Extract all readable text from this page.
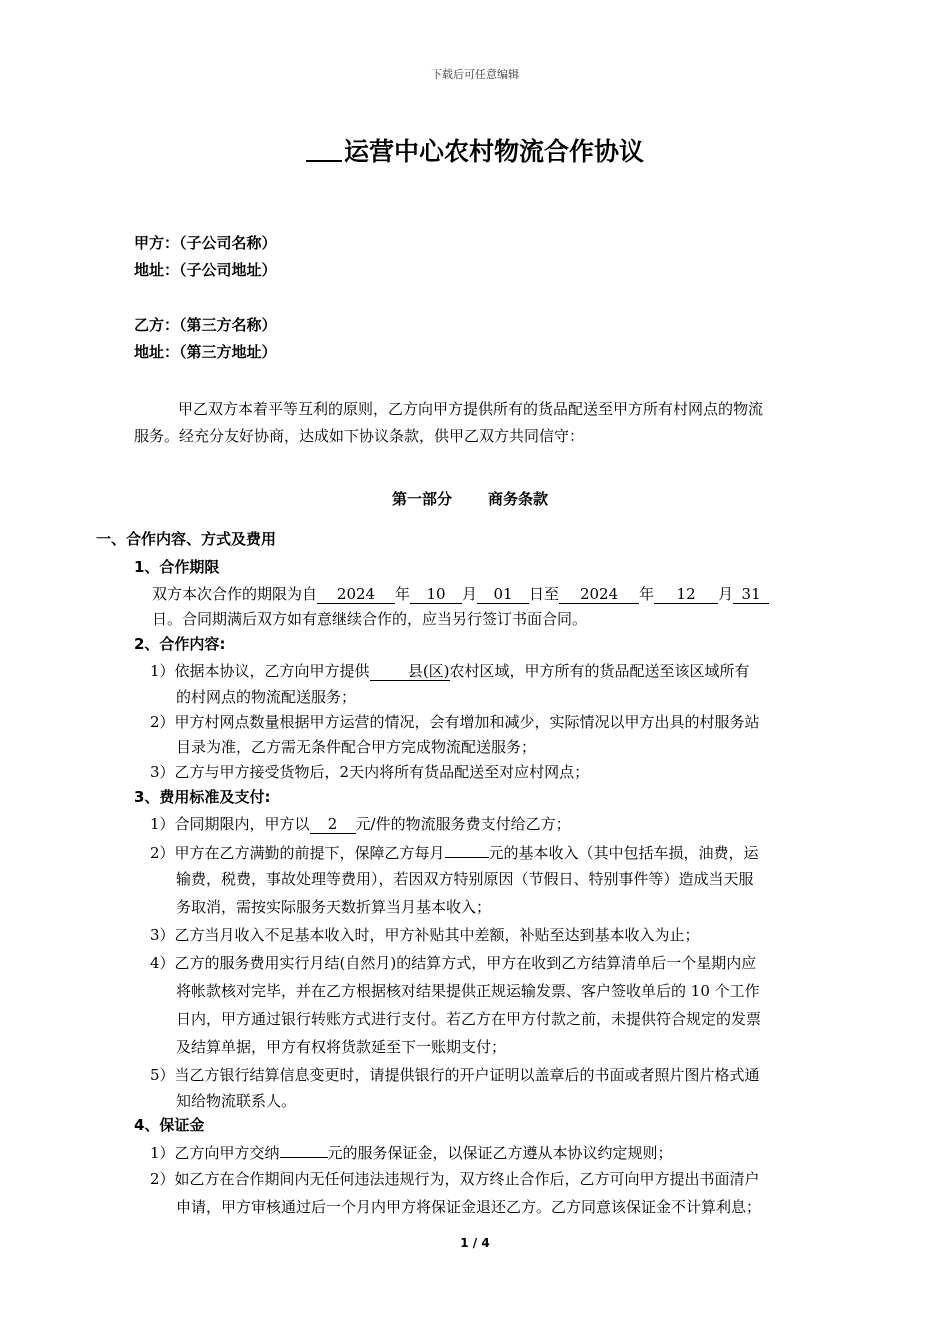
下载后可任意编辑
运营中心农村物流合作协议
甲方：（子公司名称）
地址：（子公司地址）
乙方：（第三方名称）
地址：（第三方地址）
甲乙双方本着平等互利的原则，乙方向甲方提供所有的货品配送至甲方所有村网点的物流
服务。经充分友好协商，达成如下协议条款，供甲乙双方共同信守：
第一部分 商务条款
一、合作内容、方式及费用
1、合作期限
双方本次合作的期限为自 2024 年 10 月 01 日至 2024 年 12 月 31
日。合同期满后双方如有意继续合作的，应当另行签订书面合同。
2、合作内容:
1）依据本协议，乙方向甲方提供	县(区)农村区域，甲方所有的货品配送至该区域所有
的村网点的物流配送服务；
2）甲方村网点数量根据甲方运营的情况，会有增加和减少，实际情况以甲方出具的村服务站
目录为准，乙方需无条件配合甲方完成物流配送服务；
3）乙方与甲方接受货物后，2天内将所有货品配送至对应村网点；
3、费用标准及支付:
1）合同期限内，甲方以 2 元/件的物流服务费支付给乙方；
2）甲方在乙方满勤的前提下，保障乙方每月	元的基本收入（其中包括车损，油费，运
输费，税费，事故处理等费用），若因双方特别原因（节假日、特别事件等）造成当天服
务取消，需按实际服务天数折算当月基本收入；
3）乙方当月收入不足基本收入时，甲方补贴其中差额，补贴至达到基本收入为止；
4）乙方的服务费用实行月结(自然月)的结算方式，甲方在收到乙方结算清单后一个星期内应
将帐款核对完毕，并在乙方根据核对结果提供正规运输发票、客户签收单后的 10 个工作
日内，甲方通过银行转账方式进行支付。若乙方在甲方付款之前，未提供符合规定的发票
及结算单据，甲方有权将货款延至下一账期支付；
5）当乙方银行结算信息变更时，请提供银行的开户证明以盖章后的书面或者照片图片格式通
知给物流联系人。
4、保证金
1）乙方向甲方交纳	元的服务保证金，以保证乙方遵从本协议约定规则；
2）如乙方在合作期间内无任何违法违规行为，双方终止合作后，乙方可向甲方提出书面清户
申请，甲方审核通过后一个月内甲方将保证金退还乙方。乙方同意该保证金不计算利息；
1 / 4
